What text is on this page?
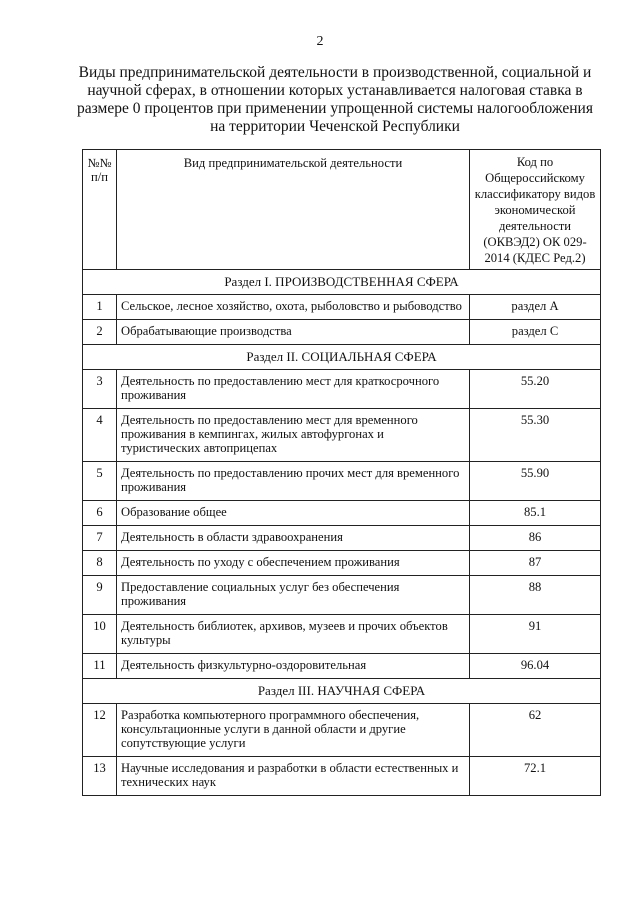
2
Виды предпринимательской деятельности в производственной, социальной и научной сферах, в отношении которых устанавливается налоговая ставка в размере 0 процентов при применении упрощенной системы налогообложения на территории Чеченской Республики
№№ п/п	Вид предпринимательской деятельности	Код по Общероссийскому классификатору видов экономической деятельности (ОКВЭД2) ОК 029-2014 (КДЕС Ред.2)
Раздел I. ПРОИЗВОДСТВЕННАЯ СФЕРА		
1	Сельское, лесное хозяйство, охота, рыболовство и рыбоводство	раздел А
2	Обрабатывающие производства	раздел С
Раздел II. СОЦИАЛЬНАЯ СФЕРА		
3	Деятельность по предоставлению мест для краткосрочного проживания	55.20
4	Деятельность по предоставлению мест для временного проживания в кемпингах, жилых автофургонах и туристических автоприцепах	55.30
5	Деятельность по предоставлению прочих мест для временного проживания	55.90
6	Образование общее	85.1
7	Деятельность в области здравоохранения	86
8	Деятельность по уходу с обеспечением проживания	87
9	Предоставление социальных услуг без обеспечения проживания	88
10	Деятельность библиотек, архивов, музеев и прочих объектов культуры	91
11	Деятельность физкультурно-оздоровительная	96.04
Раздел III. НАУЧНАЯ СФЕРА		
12	Разработка компьютерного программного обеспечения, консультационные услуги в данной области и другие сопутствующие услуги	62
13	Научные исследования и разработки в области естественных и технических наук	72.1
